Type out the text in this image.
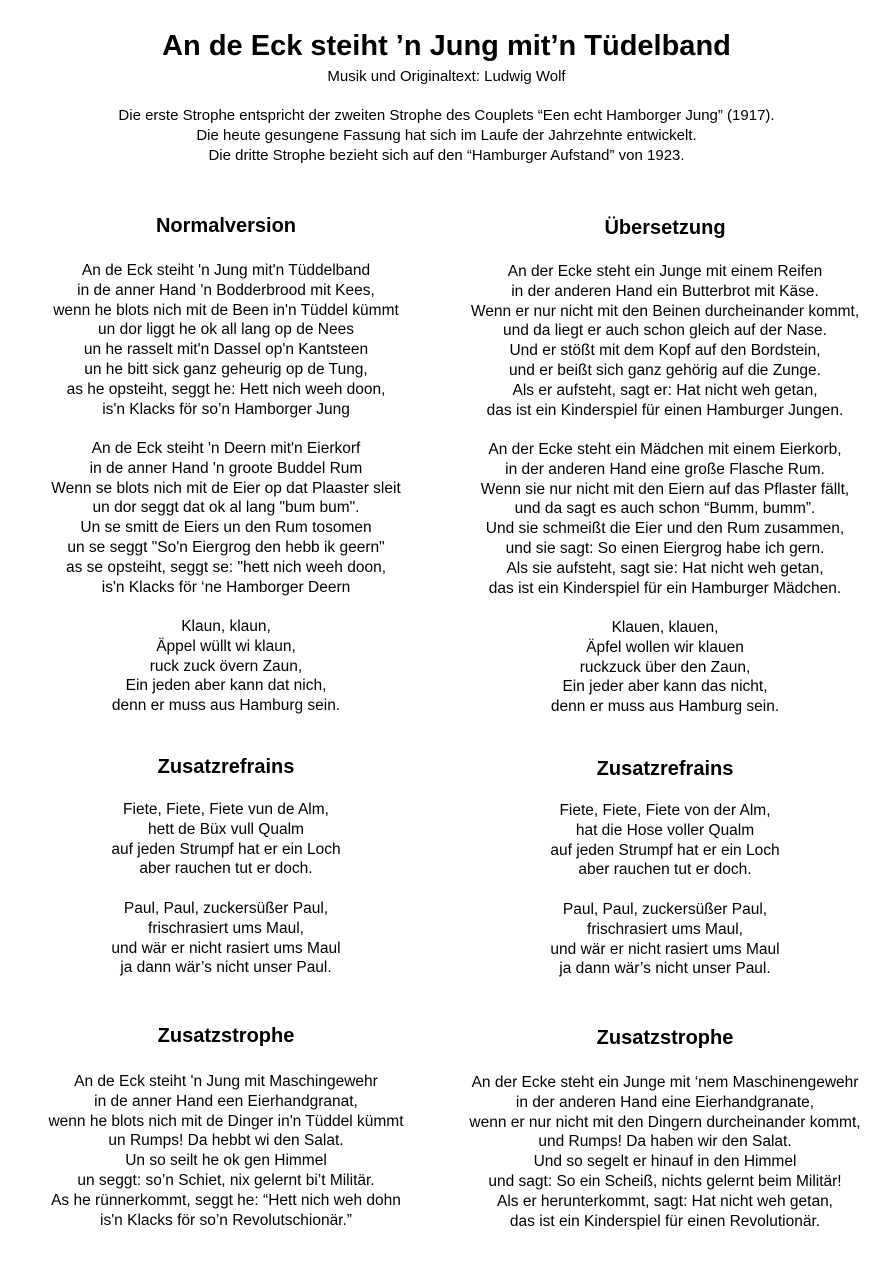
An de Eck steiht ’n Jung mit’n Tüdelband
Musik und Originaltext: Ludwig Wolf
Die erste Strophe entspricht der zweiten Strophe des Couplets “Een echt Hamborger Jung” (1917).
Die heute gesungene Fassung hat sich im Laufe der Jahrzehnte entwickelt.
Die dritte Strophe bezieht sich auf den “Hamburger Aufstand” von 1923.
Normalversion
An de Eck steiht 'n Jung mit'n Tüddelband
in de anner Hand 'n Bodderbrood mit Kees,
wenn he blots nich mit de Been in'n Tüddel kümmt
un dor liggt he ok all lang op de Nees
un he rasselt mit'n Dassel op'n Kantsteen
un he bitt sick ganz geheurig op de Tung,
as he opsteiht, seggt he: Hett nich weeh doon,
is'n Klacks för so’n Hamborger Jung
An de Eck steiht 'n Deern mit'n Eierkorf
in de anner Hand 'n groote Buddel Rum
Wenn se blots nich mit de Eier op dat Plaaster sleit
un dor seggt dat ok al lang "bum bum".
Un se smitt de Eiers un den Rum tosomen
un se seggt "So'n Eiergrog den hebb ik geern"
as se opsteiht, seggt se: "hett nich weeh doon,
is'n Klacks för ‘ne Hamborger Deern
Klaun, klaun,
Äppel wüllt wi klaun,
ruck zuck övern Zaun,
Ein jeden aber kann dat nich,
denn er muss aus Hamburg sein.
Zusatzrefrains
Fiete, Fiete, Fiete vun de Alm,
hett de Büx vull Qualm
auf jeden Strumpf hat er ein Loch
aber rauchen tut er doch.
Paul, Paul, zuckersüßer Paul,
frischrasiert ums Maul,
und wär er nicht rasiert ums Maul
ja dann wär’s nicht unser Paul.
Zusatzstrophe
An de Eck steiht 'n Jung mit Maschingewehr
in de anner Hand een Eierhandgranat,
wenn he blots nich mit de Dinger in'n Tüddel kümmt
un Rumps! Da hebbt wi den Salat.
Un so seilt he ok gen Himmel
un seggt: so’n Schiet, nix gelernt bi’t Militär.
As he rünnerkommt, seggt he: “Hett nich weh dohn
is'n Klacks för so’n Revolutschionär.”
Übersetzung
An der Ecke steht ein Junge mit einem Reifen
in der anderen Hand ein Butterbrot mit Käse.
Wenn er nur nicht mit den Beinen durcheinander kommt,
und da liegt er auch schon gleich auf der Nase.
Und er stößt mit dem Kopf auf den Bordstein,
und er beißt sich ganz gehörig auf die Zunge.
Als er aufsteht, sagt er: Hat nicht weh getan,
das ist ein Kinderspiel für einen Hamburger Jungen.
An der Ecke steht ein Mädchen mit einem Eierkorb,
in der anderen Hand eine große Flasche Rum.
Wenn sie nur nicht mit den Eiern auf das Pflaster fällt,
und da sagt es auch schon “Bumm, bumm”.
Und sie schmeißt die Eier und den Rum zusammen,
und sie sagt: So einen Eiergrog habe ich gern.
Als sie aufsteht, sagt sie: Hat nicht weh getan,
das ist ein Kinderspiel für ein Hamburger Mädchen.
Klauen, klauen,
Äpfel wollen wir klauen
ruckzuck über den Zaun,
Ein jeder aber kann das nicht,
denn er muss aus Hamburg sein.
Zusatzrefrains
Fiete, Fiete, Fiete von der Alm,
hat die Hose voller Qualm
auf jeden Strumpf hat er ein Loch
aber rauchen tut er doch.
Paul, Paul, zuckersüßer Paul,
frischrasiert ums Maul,
und wär er nicht rasiert ums Maul
ja dann wär’s nicht unser Paul.
Zusatzstrophe
An der Ecke steht ein Junge mit ‘nem Maschinengewehr
in der anderen Hand eine Eierhandgranate,
wenn er nur nicht mit den Dingern durcheinander kommt,
und Rumps! Da haben wir den Salat.
Und so segelt er hinauf in den Himmel
und sagt: So ein Scheiß, nichts gelernt beim Militär!
Als er herunterkommt, sagt: Hat nicht weh getan,
das ist ein Kinderspiel für einen Revolutionär.
